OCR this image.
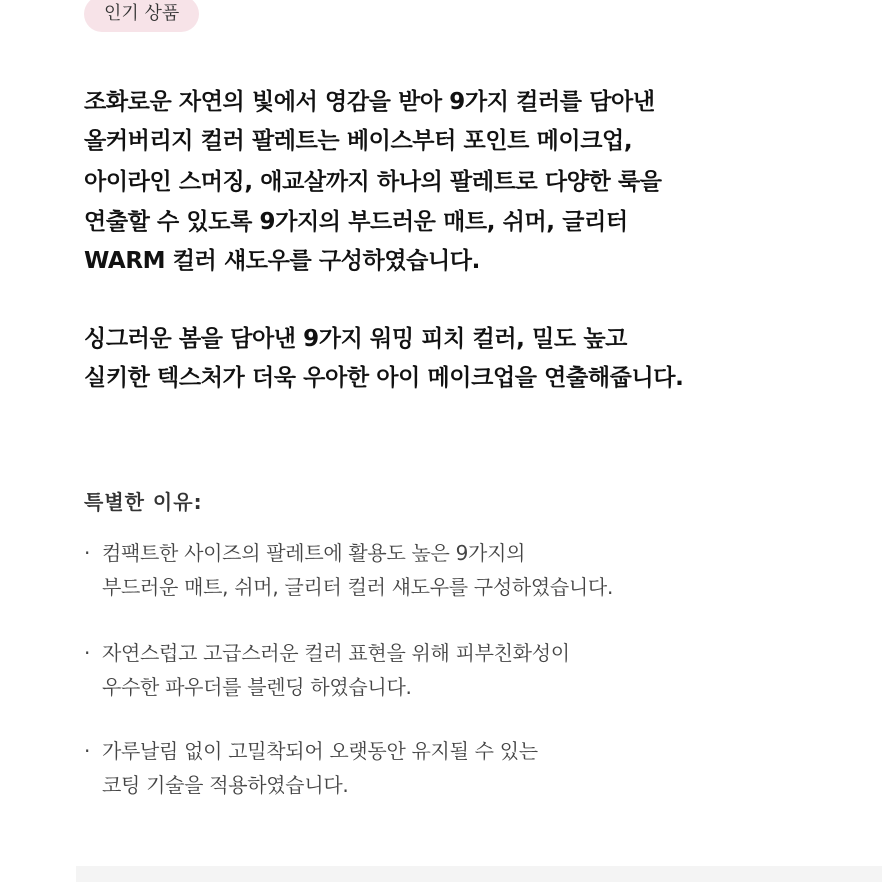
인기 상품
조화로운 자연의 빛에서 영감을 받아 9가지 컬러를 담아낸
올커버리지 컬러 팔레트는 베이스부터 포인트 메이크업,
아이라인 스머징, 애교살까지 하나의 팔레트로 다양한 룩을
연출할 수 있도록 9가지의 부드러운 매트, 쉬머, 글리터
WARM 컬러 섀도우를 구성하였습니다.
싱그러운 봄을 담아낸 9가지 워밍 피치 컬러, 밀도 높고
실키한 텍스처가 더욱 우아한 아이 메이크업을 연출해줍니다.
특별한 이유:
· 컴팩트한 사이즈의 팔레트에 활용도 높은 9가지의
부드러운 매트, 쉬머, 글리터 컬러 섀도우를 구성하였습니다.
· 자연스럽고 고급스러운 컬러 표현을 위해 피부친화성이
우수한 파우더를 블렌딩 하였습니다.
· 가루날림 없이 고밀착되어 오랫동안 유지될 수 있는
코팅 기술을 적용하였습니다.
